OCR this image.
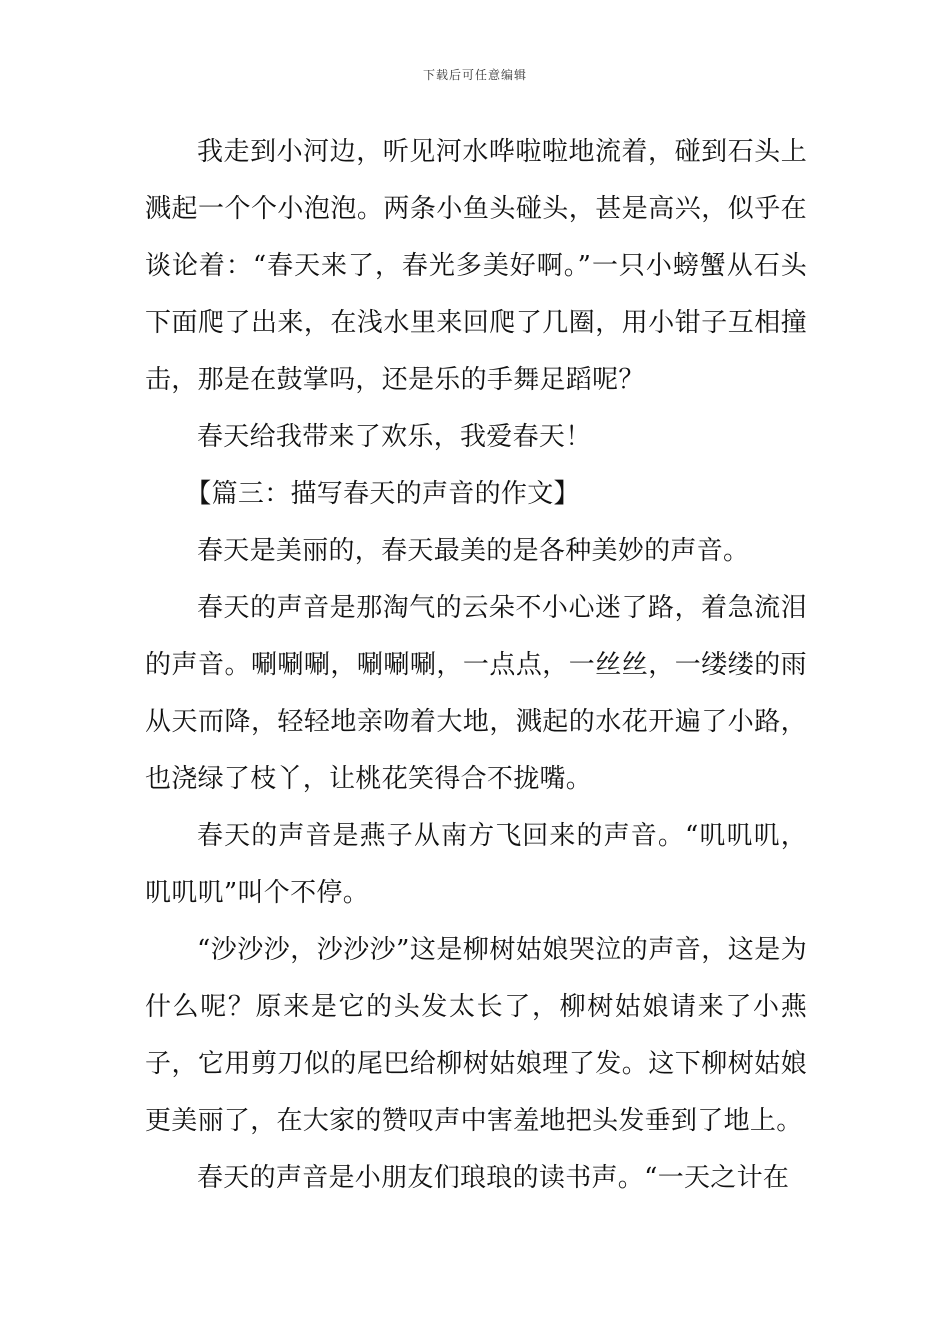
下载后可任意编辑

我走到小河边，听见河水哗啦啦地流着，碰到石头上溅起一个个小泡泡。两条小鱼头碰头，甚是高兴，似乎在谈论着：“春天来了，春光多美好啊。”一只小螃蟹从石头下面爬了出来，在浅水里来回爬了几圈，用小钳子互相撞击，那是在鼓掌吗，还是乐的手舞足蹈呢？

春天给我带来了欢乐，我爱春天！

【篇三：描写春天的声音的作文】

春天是美丽的，春天最美的是各种美妙的声音。

春天的声音是那淘气的云朵不小心迷了路，着急流泪的声音。唰唰唰，唰唰唰，一点点，一丝丝，一缕缕的雨从天而降，轻轻地亲吻着大地，溅起的水花开遍了小路，也浇绿了枝丫，让桃花笑得合不拢嘴。

春天的声音是燕子从南方飞回来的声音。“叽叽叽，叽叽叽”叫个不停。

“沙沙沙，沙沙沙”这是柳树姑娘哭泣的声音，这是为什么呢？原来是它的头发太长了，柳树姑娘请来了小燕子，它用剪刀似的尾巴给柳树姑娘理了发。这下柳树姑娘更美丽了，在大家的赞叹声中害羞地把头发垂到了地上。

春天的声音是小朋友们琅琅的读书声。“一天之计在
